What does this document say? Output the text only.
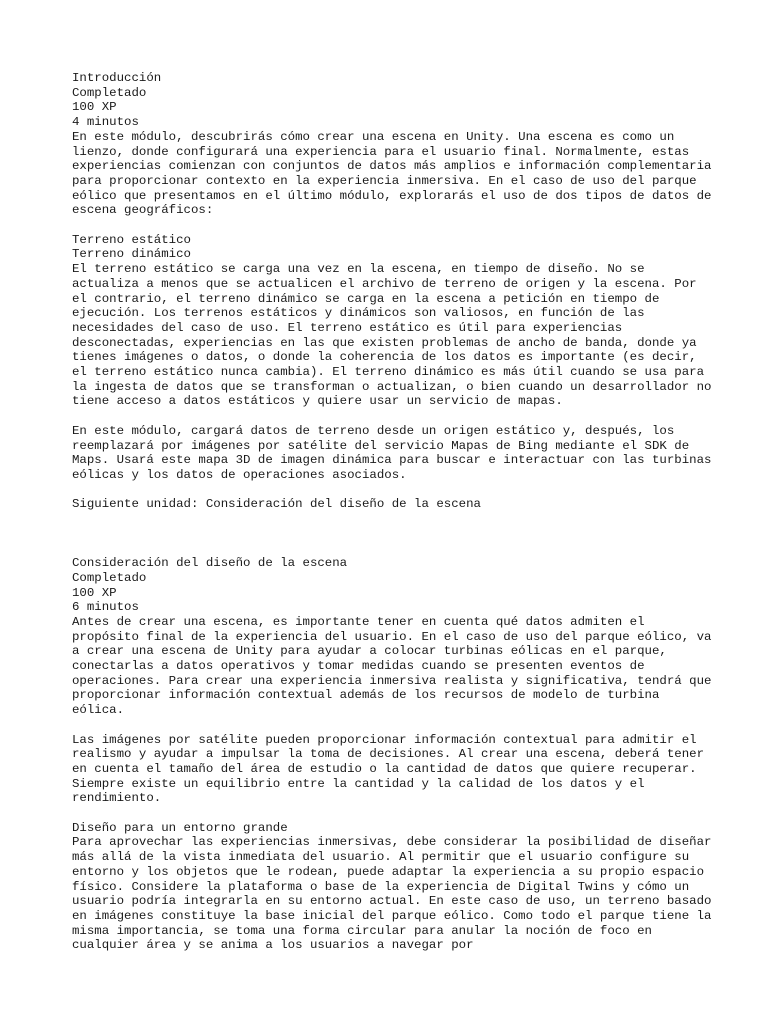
Introducción
Completado
100 XP
4 minutos

En este módulo, descubrirás cómo crear una escena en Unity. Una escena es como un lienzo, donde configurará una experiencia para el usuario final. Normalmente, estas experiencias comienzan con conjuntos de datos más amplios e información complementaria para proporcionar contexto en la experiencia inmersiva. En el caso de uso del parque eólico que presentamos en el último módulo, explorarás el uso de dos tipos de datos de escena geográficos:

Terreno estático
Terreno dinámico

El terreno estático se carga una vez en la escena, en tiempo de diseño. No se actualiza a menos que se actualicen el archivo de terreno de origen y la escena. Por el contrario, el terreno dinámico se carga en la escena a petición en tiempo de ejecución. Los terrenos estáticos y dinámicos son valiosos, en función de las necesidades del caso de uso. El terreno estático es útil para experiencias desconectadas, experiencias en las que existen problemas de ancho de banda, donde ya tienes imágenes o datos, o donde la coherencia de los datos es importante (es decir, el terreno estático nunca cambia). El terreno dinámico es más útil cuando se usa para la ingesta de datos que se transforman o actualizan, o bien cuando un desarrollador no tiene acceso a datos estáticos y quiere usar un servicio de mapas.

En este módulo, cargará datos de terreno desde un origen estático y, después, los reemplazará por imágenes por satélite del servicio Mapas de Bing mediante el SDK de Maps. Usará este mapa 3D de imagen dinámica para buscar e interactuar con las turbinas eólicas y los datos de operaciones asociados.

Siguiente unidad: Consideración del diseño de la escena

Consideración del diseño de la escena
Completado
100 XP
6 minutos

Antes de crear una escena, es importante tener en cuenta qué datos admiten el propósito final de la experiencia del usuario. En el caso de uso del parque eólico, va a crear una escena de Unity para ayudar a colocar turbinas eólicas en el parque, conectarlas a datos operativos y tomar medidas cuando se presenten eventos de operaciones. Para crear una experiencia inmersiva realista y significativa, tendrá que proporcionar información contextual además de los recursos de modelo de turbina eólica.

Las imágenes por satélite pueden proporcionar información contextual para admitir el realismo y ayudar a impulsar la toma de decisiones. Al crear una escena, deberá tener en cuenta el tamaño del área de estudio o la cantidad de datos que quiere recuperar. Siempre existe un equilibrio entre la cantidad y la calidad de los datos y el rendimiento.

Diseño para un entorno grande

Para aprovechar las experiencias inmersivas, debe considerar la posibilidad de diseñar más allá de la vista inmediata del usuario. Al permitir que el usuario configure su entorno y los objetos que le rodean, puede adaptar la experiencia a su propio espacio físico. Considere la plataforma o base de la experiencia de Digital Twins y cómo un usuario podría integrarla en su entorno actual. En este caso de uso, un terreno basado en imágenes constituye la base inicial del parque eólico. Como todo el parque tiene la misma importancia, se toma una forma circular para anular la noción de foco en cualquier área y se anima a los usuarios a navegar por
